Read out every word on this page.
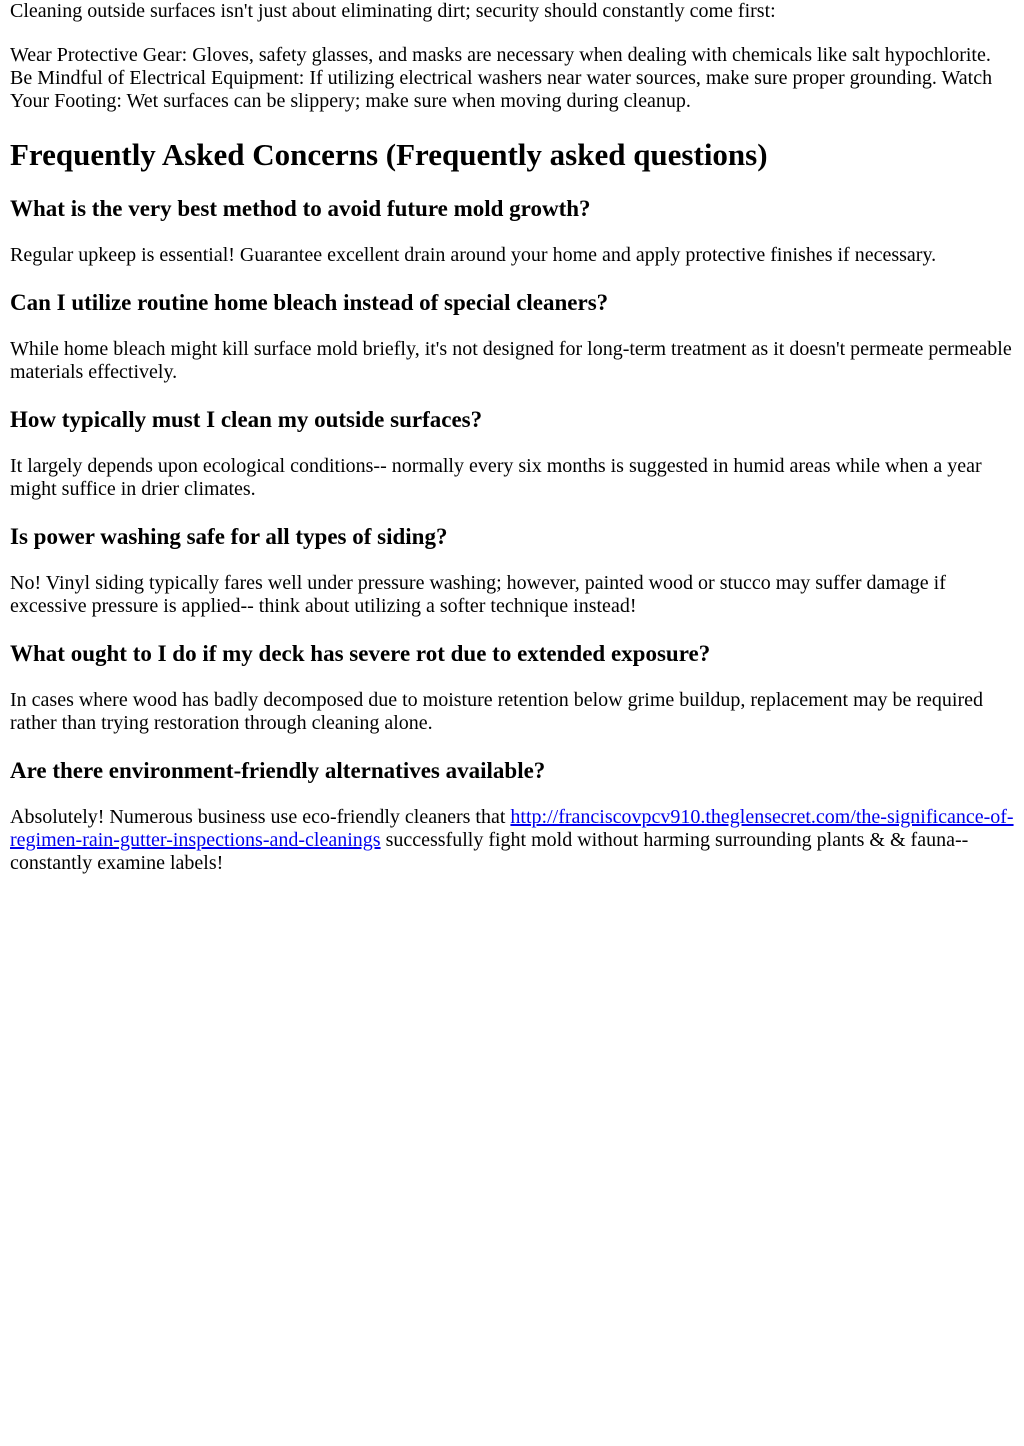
Cleaning outside surfaces isn't just about eliminating dirt; security should constantly come first:

Wear Protective Gear: Gloves, safety glasses, and masks are necessary when dealing with chemicals like salt hypochlorite. Be Mindful of Electrical Equipment: If utilizing electrical washers near water sources, make sure proper grounding. Watch Your Footing: Wet surfaces can be slippery; make sure when moving during cleanup.

Frequently Asked Concerns (Frequently asked questions)
What is the very best method to avoid future mold growth?

Regular upkeep is essential! Guarantee excellent drain around your home and apply protective finishes if necessary.

Can I utilize routine home bleach instead of special cleaners?

While home bleach might kill surface mold briefly, it's not designed for long-term treatment as it doesn't permeate permeable materials effectively.

How typically must I clean my outside surfaces?

It largely depends upon ecological conditions-- normally every six months is suggested in humid areas while when a year might suffice in drier climates.

Is power washing safe for all types of siding?

No! Vinyl siding typically fares well under pressure washing; however, painted wood or stucco may suffer damage if excessive pressure is applied-- think about utilizing a softer technique instead!

What ought to I do if my deck has severe rot due to extended exposure?

In cases where wood has badly decomposed due to moisture retention below grime buildup, replacement may be required rather than trying restoration through cleaning alone.

Are there environment-friendly alternatives available?

Absolutely! Numerous business use eco-friendly cleaners that http://franciscovpcv910.theglensecret.com/the-significance-of-regimen-rain-gutter-inspections-and-cleanings successfully fight mold without harming surrounding plants & & fauna-- constantly examine labels!
